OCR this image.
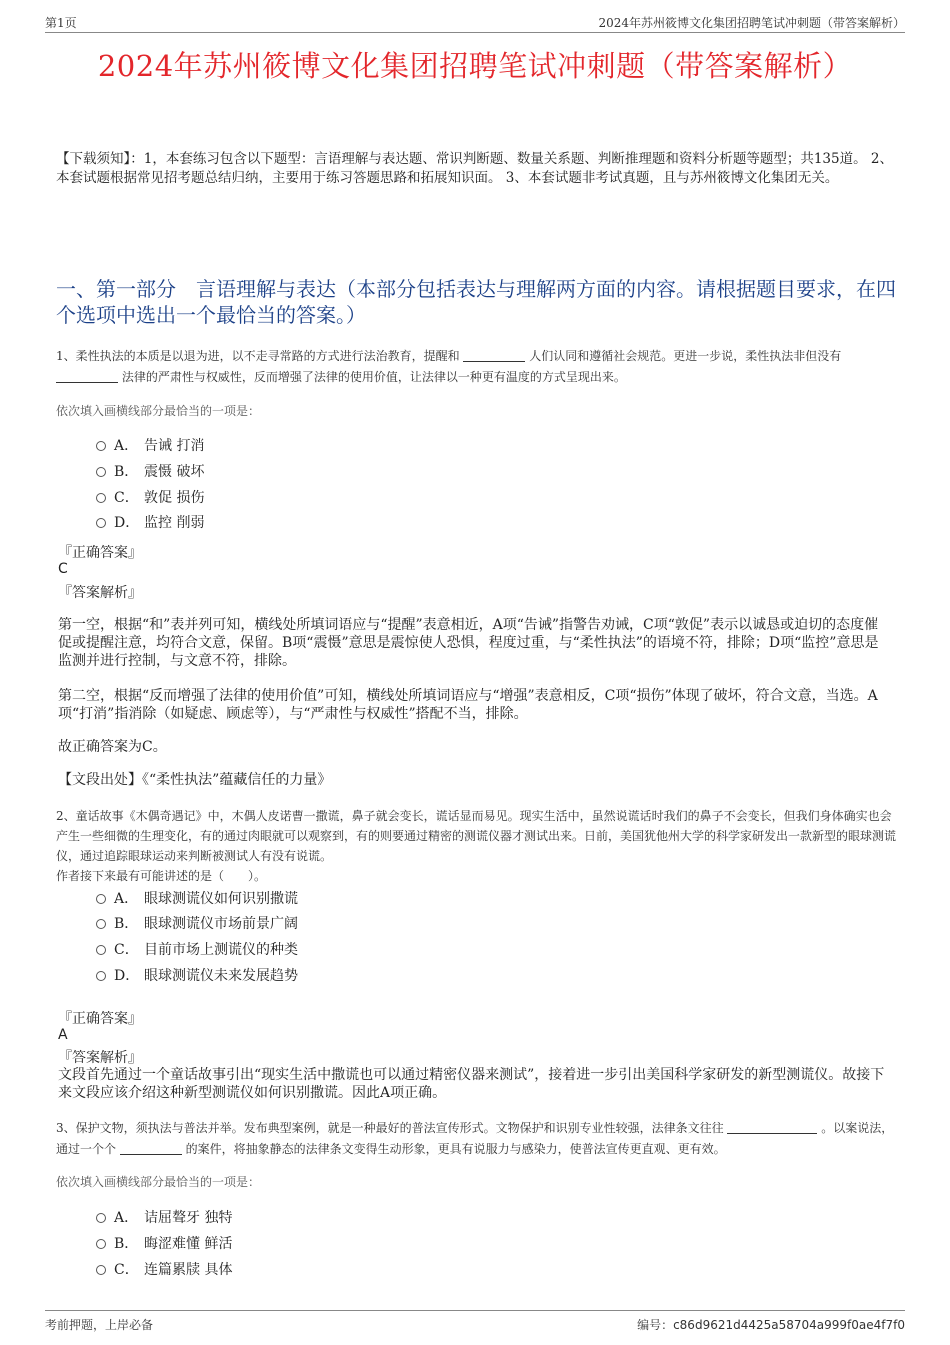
第1页	2024年苏州筱博文化集团招聘笔试冲刺题（带答案解析）
2024年苏州筱博文化集团招聘笔试冲刺题（带答案解析）
【下载须知】：1，本套练习包含以下题型：言语理解与表达题、常识判断题、数量关系题、判断推理题和资料分析题等题型；共135道。 2、本套试题根据常见招考题总结归纳，主要用于练习答题思路和拓展知识面。 3、本套试题非考试真题，且与苏州筱博文化集团无关。
一、第一部分　言语理解与表达（本部分包括表达与理解两方面的内容。请根据题目要求，在四个选项中选出一个最恰当的答案。）
1、柔性执法的本质是以退为进，以不走寻常路的方式进行法治教育，提醒和	人们认同和遵循社会规范。更进一步说，柔性执法非但没有  法律的严肃性与权威性，反而增强了法律的使用价值，让法律以一种更有温度的方式呈现出来。
依次填入画横线部分最恰当的一项是：
A． 告诫 打消
B． 震慑 破坏
C． 敦促 损伤
D． 监控 削弱
『正确答案』
C
『答案解析』
第一空，根据“和”表并列可知，横线处所填词语应与“提醒”表意相近，A项“告诫”指警告劝诫，C项“敦促”表示以诚恳或迫切的态度催促或提醒注意，均符合文意，保留。B项“震慑”意思是震惊使人恐惧，程度过重，与“柔性执法”的语境不符，排除；D项“监控”意思是监测并进行控制，与文意不符，排除。
第二空，根据“反而增强了法律的使用价值”可知，横线处所填词语应与“增强”表意相反，C项“损伤”体现了破坏，符合文意，当选。A项“打消”指消除（如疑虑、顾虑等），与“严肃性与权威性”搭配不当，排除。
故正确答案为C。
【文段出处】《“柔性执法”蕴藏信任的力量》
2、童话故事《木偶奇遇记》中，木偶人皮诺曹一撒谎，鼻子就会变长，谎话显而易见。现实生活中，虽然说谎话时我们的鼻子不会变长，但我们身体确实也会产生一些细微的生理变化，有的通过肉眼就可以观察到，有的则要通过精密的测谎仪器才测试出来。日前，美国犹他州大学的科学家研发出一款新型的眼球测谎仪，通过追踪眼球运动来判断被测试人有没有说谎。
作者接下来最有可能讲述的是（　　）。
A． 眼球测谎仪如何识别撒谎
B． 眼球测谎仪市场前景广阔
C． 目前市场上测谎仪的种类
D． 眼球测谎仪未来发展趋势
『正确答案』
A
『答案解析』
文段首先通过一个童话故事引出“现实生活中撒谎也可以通过精密仪器来测试”，接着进一步引出美国科学家研发的新型测谎仪。故接下来文段应该介绍这种新型测谎仪如何识别撒谎。因此A项正确。
3、保护文物，须执法与普法并举。发布典型案例，就是一种最好的普法宣传形式。文物保护和识别专业性较强，法律条文往往	。以案说法，通过一个个	的案件，将抽象静态的法律条文变得生动形象，更具有说服力与感染力，使普法宣传更直观、更有效。
依次填入画横线部分最恰当的一项是：
A． 诘屈聱牙 独特
B． 晦涩难懂 鲜活
C． 连篇累牍 具体
考前押题，上岸必备	编号：c86d9621d4425a58704a999f0ae4f7f0
